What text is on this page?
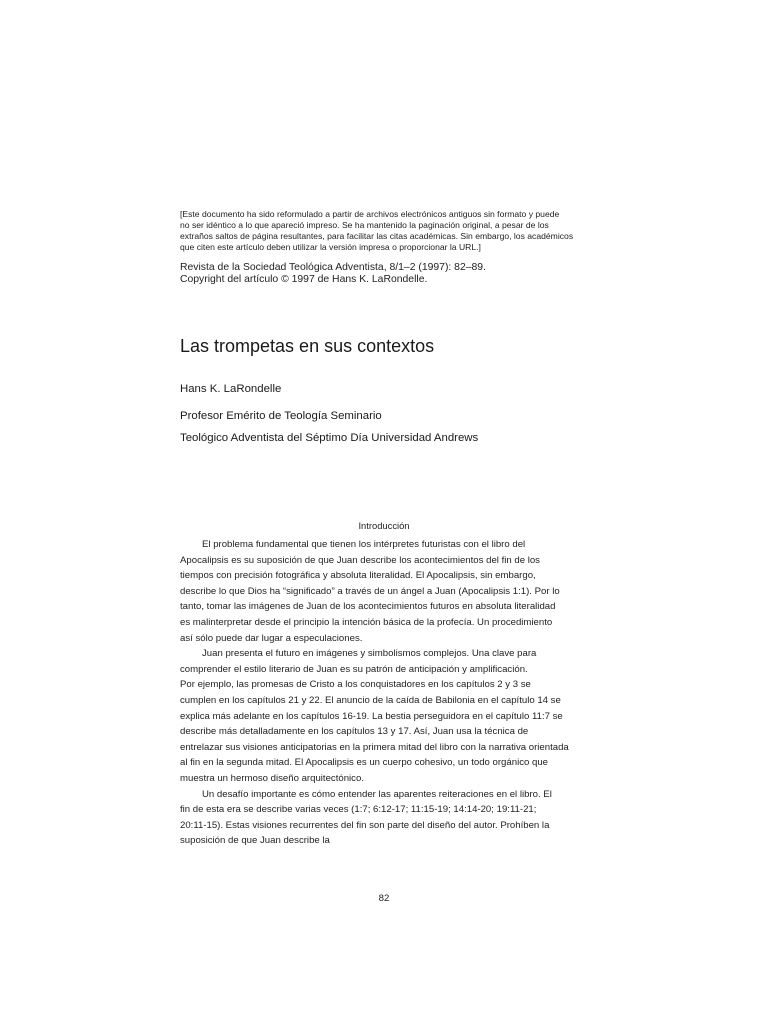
[Este documento ha sido reformulado a partir de archivos electrónicos antiguos sin formato y puede

no ser idéntico a lo que apareció impreso. Se ha mantenido la paginación original, a pesar de los

extraños saltos de página resultantes, para facilitar las citas académicas. Sin embargo, los académicos

que citen este artículo deben utilizar la versión impresa o proporcionar la URL.]

Revista de la Sociedad Teológica Adventista, 8/1–2 (1997): 82–89.

Copyright del artículo © 1997 de Hans K. LaRondelle.

Las trompetas en sus contextos
Hans K. LaRondelle

Profesor Emérito de Teología Seminario

Teológico Adventista del Séptimo Día Universidad Andrews

Introducción

El problema fundamental que tienen los intérpretes futuristas con el libro del

Apocalipsis es su suposición de que Juan describe los acontecimientos del fin de los

tiempos con precisión fotográfica y absoluta literalidad. El Apocalipsis, sin embargo,

describe lo que Dios ha “significado” a través de un ángel a Juan (Apocalipsis 1:1). Por lo

tanto, tomar las imágenes de Juan de los acontecimientos futuros en absoluta literalidad

es malinterpretar desde el principio la intención básica de la profecía. Un procedimiento

así sólo puede dar lugar a especulaciones.

Juan presenta el futuro en imágenes y simbolismos complejos. Una clave para

comprender el estilo literario de Juan es su patrón de anticipación y amplificación.

Por ejemplo, las promesas de Cristo a los conquistadores en los capítulos 2 y 3 se

cumplen en los capítulos 21 y 22. El anuncio de la caída de Babilonia en el capítulo 14 se

explica más adelante en los capítulos 16-19. La bestia perseguidora en el capítulo 11:7 se

describe más detalladamente en los capítulos 13 y 17. Así, Juan usa la técnica de

entrelazar sus visiones anticipatorias en la primera mitad del libro con la narrativa orientada

al fin en la segunda mitad. El Apocalipsis es un cuerpo cohesivo, un todo orgánico que

muestra un hermoso diseño arquitectónico.

Un desafío importante es cómo entender las aparentes reiteraciones en el libro. El

fin de esta era se describe varias veces (1:7; 6:12-17; 11:15-19; 14:14-20; 19:11-21;

20:11-15). Estas visiones recurrentes del fin son parte del diseño del autor. Prohíben la

suposición de que Juan describe la

82
